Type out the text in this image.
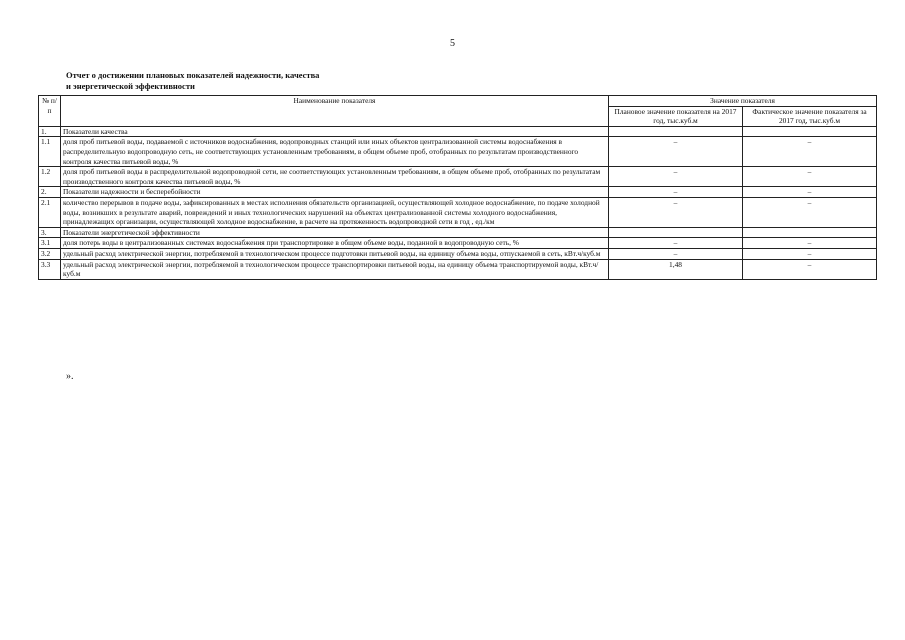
5
Отчет о достижении плановых показателей надежности, качества
и энергетической эффективности
№ п/п	Наименование показателя	Значение показателя	
		Плановое значение показателя на 2017 год, тыс.куб.м	Фактическое значение показателя за 2017 год, тыс.куб.м
1.	Показатели качества		
1.1	доля проб питьевой воды, подаваемой с источников водоснабжения, водопроводных станций или иных объектов централизованной системы водоснабжения в распределительную водопроводную сеть, не соответствующих установленным требованиям, в общем объеме проб, отобранных по результатам производственного контроля качества питьевой воды, %	–	–
1.2	доля проб питьевой воды в распределительной водопроводной сети, не соответствующих установленным требованиям, в общем объеме проб, отобранных по результатам производственного контроля качества питьевой воды, %	–	–
2.	Показатели надежности и бесперебойности	–	–
2.1	количество перерывов в подаче воды, зафиксированных в местах исполнения обязательств организацией, осуществляющей холодное водоснабжение, по подаче холодной воды, возникших в результате аварий, повреждений и иных технологических нарушений на объектах централизованной системы холодного водоснабжения, принадлежащих организации, осуществляющей холодное водоснабжение, в расчете на протяженность водопроводной сети в год , ед./км	–	–
3.	Показатели энергетической эффективности		
3.1	доля потерь воды в централизованных системах водоснабжения при транспортировке в общем объеме воды, поданной в водопроводную сеть, %	–	–
3.2	удельный расход электрической энергии, потребляемой в технологическом процессе подготовки питьевой воды, на единицу объема воды, отпускаемой в сеть, кВт.ч/куб.м	–	–
3.3	удельный расход электрической энергии, потребляемой в технологическом процессе транспортировки питьевой воды, на единицу объема транспортируемой воды, кВт.ч/куб.м	1,48	–
».
